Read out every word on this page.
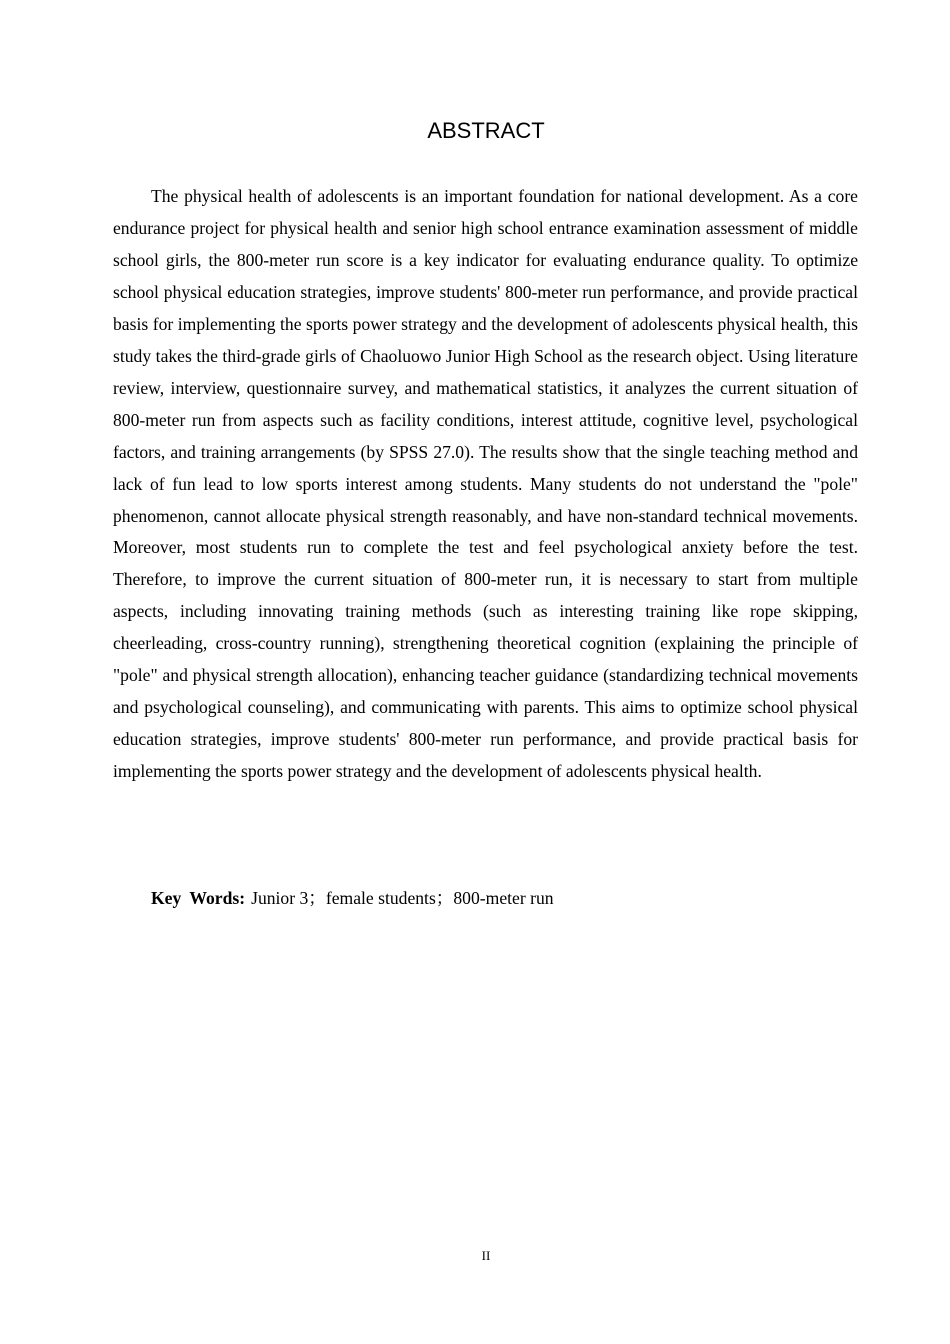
ABSTRACT

The physical health of adolescents is an important foundation for national development. As a core endurance project for physical health and senior high school entrance examination assessment of middle school girls, the 800-meter run score is a key indicator for evaluating endurance quality. To optimize school physical education strategies, improve students' 800-meter run performance, and provide practical basis for implementing the sports power strategy and the development of adolescents physical health, this study takes the third-grade girls of Chaoluowo Junior High School as the research object. Using literature review, interview, questionnaire survey, and mathematical statistics, it analyzes the current situation of 800-meter run from aspects such as facility conditions, interest attitude, cognitive level, psychological factors, and training arrangements (by SPSS 27.0). The results show that the single teaching method and lack of fun lead to low sports interest among students. Many students do not understand the "pole" phenomenon, cannot allocate physical strength reasonably, and have non-standard technical movements. Moreover, most students run to complete the test and feel psychological anxiety before the test. Therefore, to improve the current situation of 800-meter run, it is necessary to start from multiple aspects, including innovating training methods (such as interesting training like rope skipping, cheerleading, cross-country running), strengthening theoretical cognition (explaining the principle of "pole" and physical strength allocation), enhancing teacher guidance (standardizing technical movements and psychological counseling), and communicating with parents. This aims to optimize school physical education strategies, improve students' 800-meter run performance, and provide practical basis for implementing the sports power strategy and the development of adolescents physical health.

Key Words: Junior 3；female students；800-meter run

II
